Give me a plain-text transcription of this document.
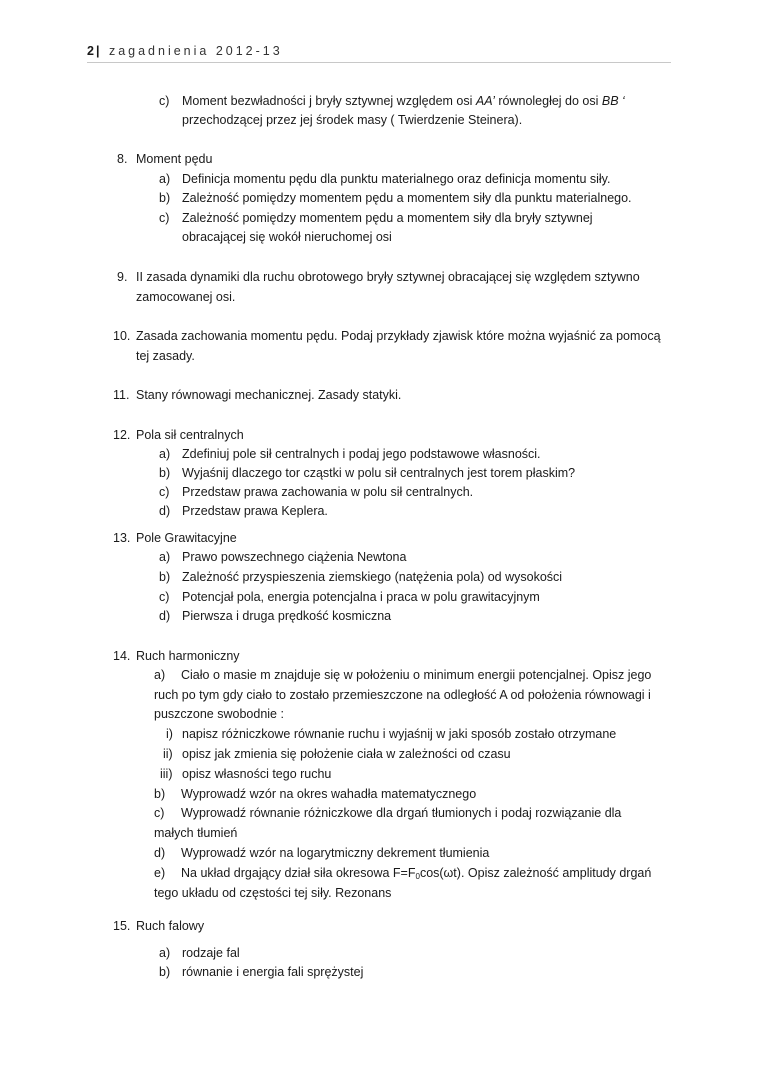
2 | zagadnienia 2012-13
c) Moment bezwładności j bryły sztywnej względem osi AA’ równoległej do osi BB ‘
przechodzącej przez jej środek masy ( Twierdzenie Steinera).
8. Moment pędu
a) Definicja momentu pędu dla punktu materialnego oraz definicja momentu siły.
b) Zależność pomiędzy momentem pędu a momentem siły dla punktu materialnego.
c) Zależność pomiędzy momentem pędu a momentem siły dla bryły sztywnej
obracającej się wokół nieruchomej osi
9. II zasada dynamiki dla ruchu obrotowego bryły sztywnej obracającej się względem sztywno
zamocowanej osi.
10. Zasada zachowania momentu pędu. Podaj przykłady zjawisk które można wyjaśnić za pomocą
tej zasady.
11. Stany równowagi mechanicznej. Zasady statyki.
12. Pola sił centralnych
a) Zdefiniuj pole sił centralnych i podaj jego podstawowe własności.
b) Wyjaśnij dlaczego tor cząstki w polu sił centralnych jest torem płaskim?
c) Przedstaw prawa zachowania w polu sił centralnych.
d) Przedstaw prawa Keplera.
13. Pole Grawitacyjne
a) Prawo powszechnego ciążenia Newtona
b) Zależność przyspieszenia ziemskiego (natężenia pola) od wysokości
c) Potencjał pola, energia potencjalna i praca w polu grawitacyjnym
d) Pierwsza i druga prędkość kosmiczna
14. Ruch harmoniczny
a) Ciało o masie m znajduje się w położeniu o minimum energii potencjalnej. Opisz jego
ruch po tym gdy ciało to zostało przemieszczone na odległość A od położenia równowagi i
puszczone swobodnie :
i) napisz różniczkowe równanie ruchu i wyjaśnij w jaki sposób zostało otrzymane
ii) opisz jak zmienia się położenie ciała w zależności od czasu
iii) opisz własności tego ruchu
b) Wyprowadź wzór na okres wahadła matematycznego
c) Wyprowadź równanie różniczkowe dla drgań tłumionych i podaj rozwiązanie dla
małych tłumień
d) Wyprowadź wzór na logarytmiczny dekrement tłumienia
e) Na układ drgający dział siła okresowa $F=F_0\cos(\omega t)$. Opisz zależność amplitudy drgań
tego układu od częstości tej siły. Rezonans
15. Ruch falowy
a) rodzaje fal
b) równanie i energia fali sprężystej
